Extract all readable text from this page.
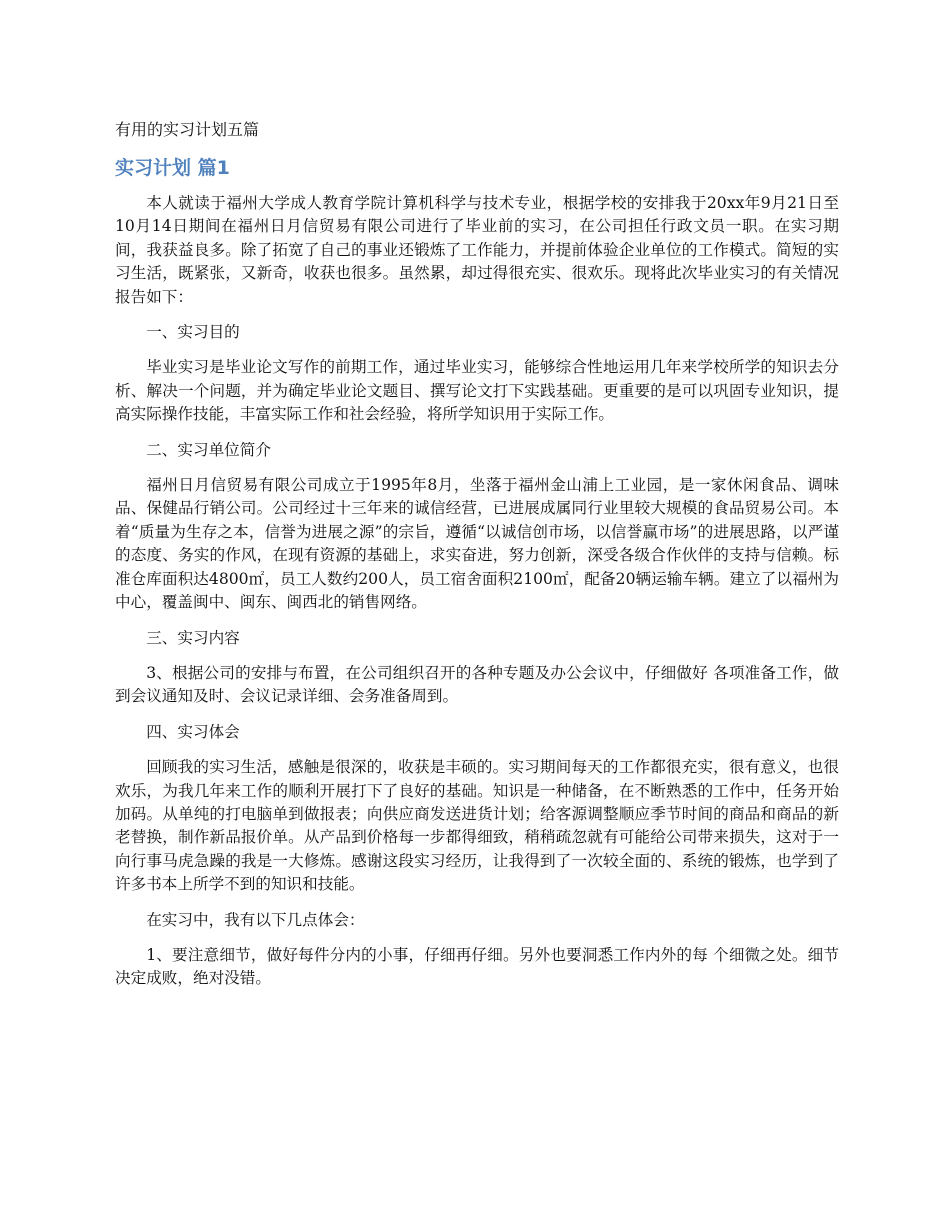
有用的实习计划五篇
实习计划 篇1

本人就读于福州大学成人教育学院计算机科学与技术专业，根据学校的安排我于20xx年9月21日至10月14日期间在福州日月信贸易有限公司进行了毕业前的实习，在公司担任行政文员一职。在实习期间，我获益良多。除了拓宽了自己的事业还锻炼了工作能力，并提前体验企业单位的工作模式。简短的实习生活，既紧张，又新奇，收获也很多。虽然累，却过得很充实、很欢乐。现将此次毕业实习的有关情况报告如下：

一、实习目的

毕业实习是毕业论文写作的前期工作，通过毕业实习，能够综合性地运用几年来学校所学的知识去分析、解决一个问题，并为确定毕业论文题目、撰写论文打下实践基础。更重要的是可以巩固专业知识，提高实际操作技能，丰富实际工作和社会经验，将所学知识用于实际工作。

二、实习单位简介

福州日月信贸易有限公司成立于1995年8月，坐落于福州金山浦上工业园，是一家休闲食品、调味品、保健品行销公司。公司经过十三年来的诚信经营，已进展成属同行业里较大规模的食品贸易公司。本着“质量为生存之本，信誉为进展之源”的宗旨，遵循“以诚信创市场，以信誉赢市场”的进展思路，以严谨的态度、务实的作风，在现有资源的基础上，求实奋进，努力创新，深受各级合作伙伴的支持与信赖。标准仓库面积达4800㎡，员工人数约200人，员工宿舍面积2100㎡，配备20辆运输车辆。建立了以福州为中心，覆盖闽中、闽东、闽西北的销售网络。

三、实习内容

3、根据公司的安排与布置，在公司组织召开的各种专题及办公会议中，仔细做好 各项准备工作，做到会议通知及时、会议记录详细、会务准备周到。

四、实习体会

回顾我的实习生活，感触是很深的，收获是丰硕的。实习期间每天的工作都很充实，很有意义，也很欢乐，为我几年来工作的顺利开展打下了良好的基础。知识是一种储备，在不断熟悉的工作中，任务开始加码。从单纯的打电脑单到做报表；向供应商发送进货计划；给客源调整顺应季节时间的商品和商品的新老替换，制作新品报价单。从产品到价格每一步都得细致，稍稍疏忽就有可能给公司带来损失，这对于一向行事马虎急躁的我是一大修炼。感谢这段实习经历，让我得到了一次较全面的、系统的锻炼，也学到了许多书本上所学不到的知识和技能。

在实习中，我有以下几点体会：

1、要注意细节，做好每件分内的小事，仔细再仔细。另外也要洞悉工作内外的每 个细微之处。细节决定成败，绝对没错。
